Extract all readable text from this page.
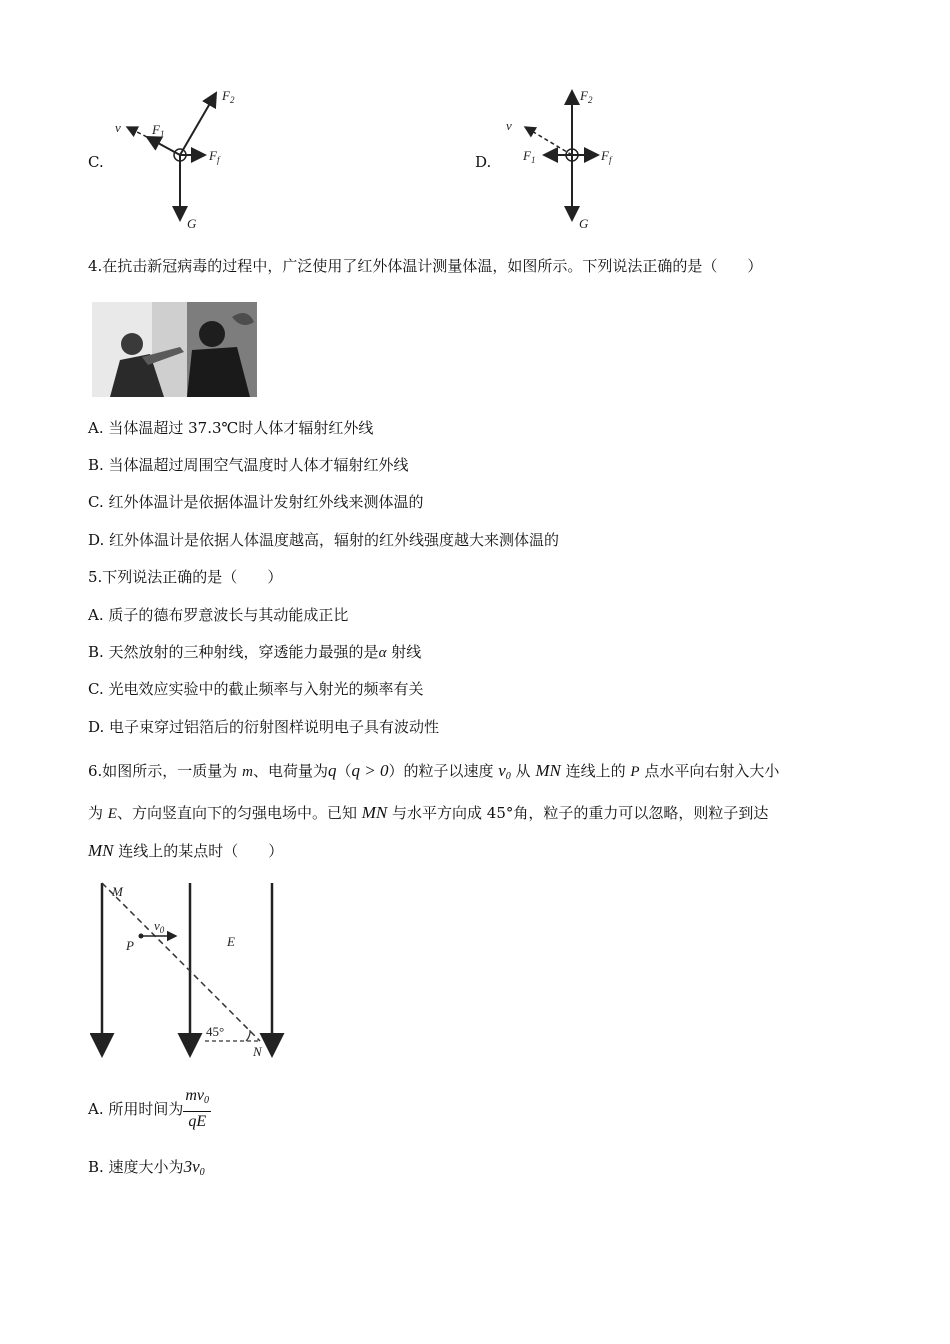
C.
v $F_1$
$F_2$
$F_f$
G
D.
v
$F_1$
$F_2$
$F_f$
G
4.在抗击新冠病毒的过程中，广泛使用了红外体温计测量体温，如图所示。下列说法正确的是（　　）
A. 当体温超过 37.3℃时人体才辐射红外线
B. 当体温超过周围空气温度时人体才辐射红外线
C. 红外体温计是依据体温计发射红外线来测体温的
D. 红外体温计是依据人体温度越高，辐射的红外线强度越大来测体温的
5.下列说法正确的是（　　）
A. 质子的德布罗意波长与其动能成正比
B. 天然放射的三种射线，穿透能力最强的是α 射线
C. 光电效应实验中的截止频率与入射光的频率有关
D. 电子束穿过铝箔后的衍射图样说明电子具有波动性
6.如图所示，一质量为 m、电荷量为q（q > 0）的粒子以速度 $v_0$ 从 MN 连线上的 P 点水平向右射入大小
为 E、方向竖直向下的匀强电场中。已知 MN 与水平方向成 45°角，粒子的重力可以忽略，则粒子到达
MN 连线上的某点时（　　）
M
P
$v_0$
E
45°
N
A. 所用时间为 $\frac{mv_0}{qE}$
B. 速度大小为$3v_0$
